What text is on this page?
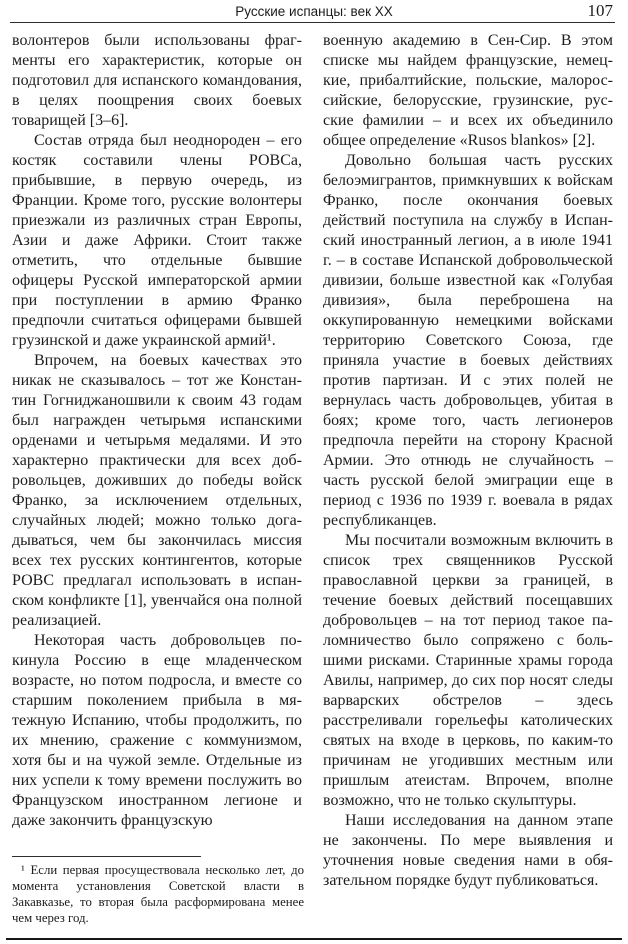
Русские испанцы: век XX	107

волонтеров были использованы фрагменты его характеристик, которые он подготовил для испанского командования, в целях поощрения своих боевых товарищей [3–6].

Состав отряда был неоднороден – его костяк составили члены РОВСа, прибывшие, в первую очередь, из Франции. Кроме того, русские волонтеры приезжали из различных стран Европы, Азии и даже Африки. Стоит также отметить, что отдельные бывшие офицеры Русской императорской армии при поступлении в армию Франко предпочли считаться офицерами бывшей грузинской и даже украинской армий¹.

Впрочем, на боевых качествах это никак не сказывалось – тот же Константин Гогниджаношвили к своим 43 годам был награжден четырьмя испанскими орденами и четырьмя медалями. И это характерно практически для всех добровольцев, доживших до победы войск Франко, за исключением отдельных, случайных людей; можно только догадываться, чем бы закончилась миссия всех тех русских контингентов, которые РОВС предлагал использовать в испанском конфликте [1], увенчайся она полной реализацией.

Некоторая часть добровольцев покинула Россию в еще младенческом возрасте, но потом подросла, и вместе со старшим поколением прибыла в мятежную Испанию, чтобы продолжить, по их мнению, сражение с коммунизмом, хотя бы и на чужой земле. Отдельные из них успели к тому времени послужить во Французском иностранном легионе и даже закончить французскую

военную академию в Сен-Сир. В этом списке мы найдем французские, немецкие, прибалтийские, польские, малороссийские, белорусские, грузинские, русские фамилии – и всех их объединило общее определение «Rusos blankos» [2].

Довольно большая часть русских белоэмигрантов, примкнувших к войскам Франко, после окончания боевых действий поступила на службу в Испанский иностранный легион, а в июле 1941 г. – в составе Испанской добровольческой дивизии, больше известной как «Голубая дивизия», была переброшена на оккупированную немецкими войсками территорию Советского Союза, где приняла участие в боевых действиях против партизан. И с этих полей не вернулась часть добровольцев, убитая в боях; кроме того, часть легионеров предпочла перейти на сторону Красной Армии. Это отнюдь не случайность – часть русской белой эмиграции еще в период с 1936 по 1939 г. воевала в рядах республиканцев.

Мы посчитали возможным включить в список трех священников Русской православной церкви за границей, в течение боевых действий посещавших добровольцев – на тот период такое паломничество было сопряжено с большими рисками. Старинные храмы города Авилы, например, до сих пор носят следы варварских обстрелов – здесь расстреливали горельефы католических святых на входе в церковь, по каким-то причинам не угодивших местным или пришлым атеистам. Впрочем, вполне возможно, что не только скульптуры.

Наши исследования на данном этапе не закончены. По мере выявления и уточнения новые сведения нами в обязательном порядке будут публиковаться.

¹ Если первая просуществовала несколько лет, до момента установления Советской власти в Закавказье, то вторая была расформирована менее чем через год.
